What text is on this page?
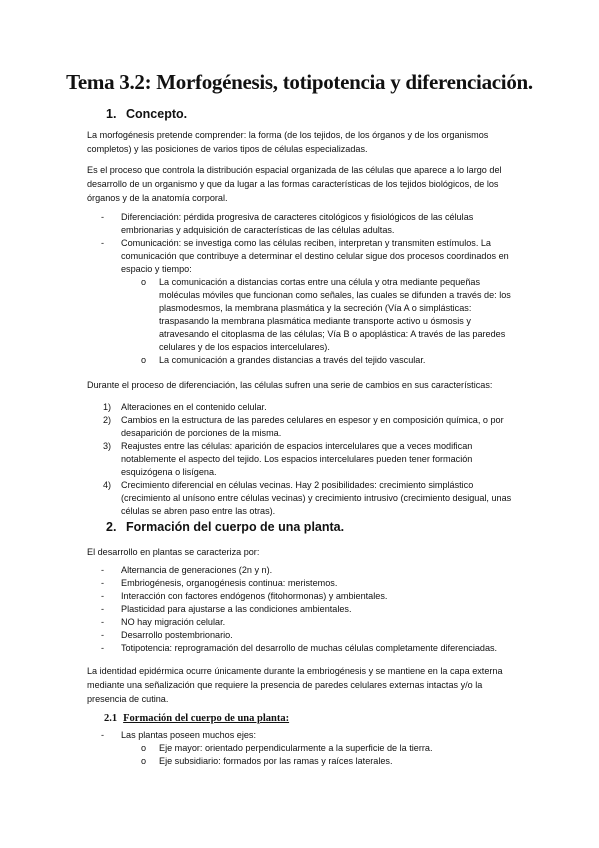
Tema 3.2: Morfogénesis, totipotencia y diferenciación.
1. Concepto.

La morfogénesis pretende comprender: la forma (de los tejidos, de los órganos y de los organismos completos) y las posiciones de varios tipos de células especializadas.

Es el proceso que controla la distribución espacial organizada de las células que aparece a lo largo del desarrollo de un organismo y que da lugar a las formas características de los tejidos biológicos, de los órganos y de la anatomía corporal.

- Diferenciación: pérdida progresiva de caracteres citológicos y fisiológicos de las células embrionarias y adquisición de características de las células adultas.
- Comunicación: se investiga como las células reciben, interpretan y transmiten estímulos. La comunicación que contribuye a determinar el destino celular sigue dos procesos coordinados en espacio y tiempo:
o La comunicación a distancias cortas entre una célula y otra mediante pequeñas moléculas móviles que funcionan como señales, las cuales se difunden a través de: los plasmodesmos, la membrana plasmática y la secreción (Vía A o simplásticas: traspasando la membrana plasmática mediante transporte activo u ósmosis y atravesando el citoplasma de las células; Vía B o apoplástica: A través de las paredes celulares y de los espacios intercelulares).
o La comunicación a grandes distancias a través del tejido vascular.

Durante el proceso de diferenciación, las células sufren una serie de cambios en sus características:

1) Alteraciones en el contenido celular.
2) Cambios en la estructura de las paredes celulares en espesor y en composición química, o por desaparición de porciones de la misma.
3) Reajustes entre las células: aparición de espacios intercelulares que a veces modifican notablemente el aspecto del tejido. Los espacios intercelulares pueden tener formación esquizógena o lisígena.
4) Crecimiento diferencial en células vecinas. Hay 2 posibilidades: crecimiento simplástico (crecimiento al unísono entre células vecinas) y crecimiento intrusivo (crecimiento desigual, unas células se abren paso entre las otras).
2. Formación del cuerpo de una planta.

El desarrollo en plantas se caracteriza por:

- Alternancia de generaciones (2n y n).
- Embriogénesis, organogénesis continua: meristemos.
- Interacción con factores endógenos (fitohormonas) y ambientales.
- Plasticidad para ajustarse a las condiciones ambientales.
- NO hay migración celular.
- Desarrollo postembrionario.
- Totipotencia: reprogramación del desarrollo de muchas células completamente diferenciadas.

La identidad epidérmica ocurre únicamente durante la embriogénesis y se mantiene en la capa externa mediante una señalización que requiere la presencia de paredes celulares externas intactas y/o la presencia de cutina.

2.1 Formación del cuerpo de una planta:
- Las plantas poseen muchos ejes:
o Eje mayor: orientado perpendicularmente a la superficie de la tierra.
o Eje subsidiario: formados por las ramas y raíces laterales.
